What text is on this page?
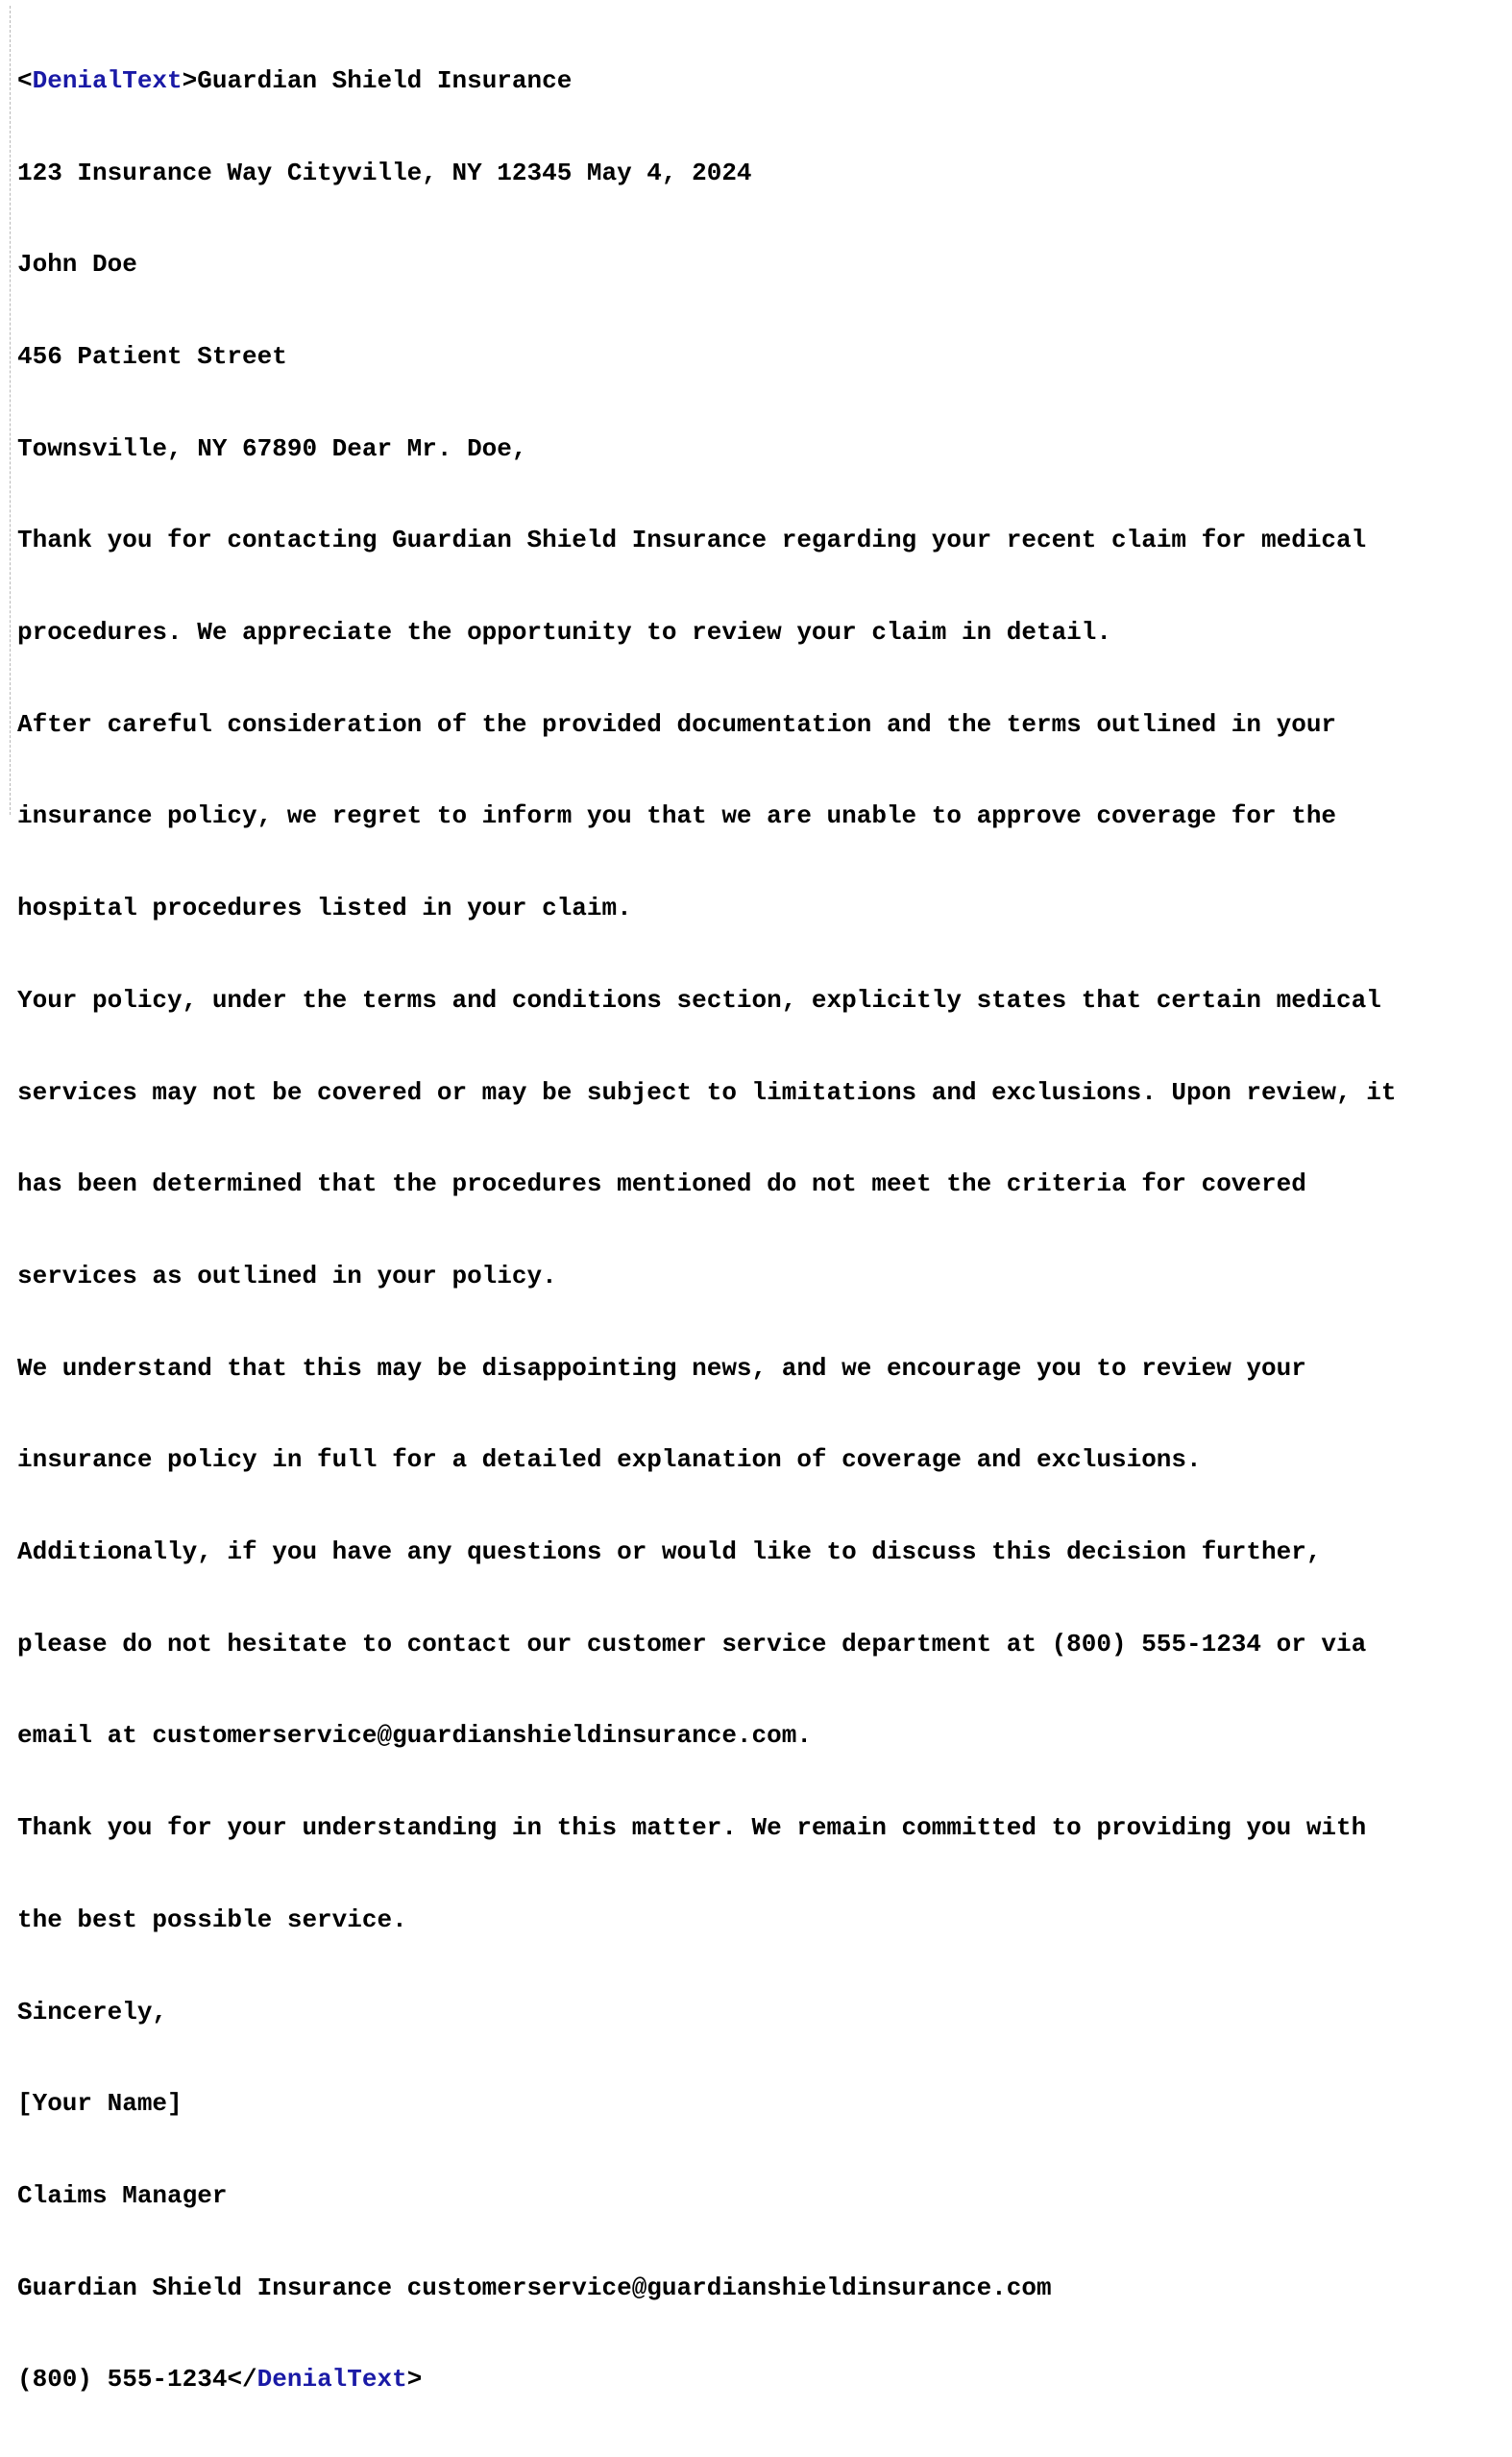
<DenialText>Guardian Shield Insurance

123 Insurance Way Cityville, NY 12345 May 4, 2024

John Doe

456 Patient Street

Townsville, NY 67890 Dear Mr. Doe,

Thank you for contacting Guardian Shield Insurance regarding your recent claim for medical

procedures. We appreciate the opportunity to review your claim in detail.

After careful consideration of the provided documentation and the terms outlined in your

insurance policy, we regret to inform you that we are unable to approve coverage for the

hospital procedures listed in your claim.

Your policy, under the terms and conditions section, explicitly states that certain medical

services may not be covered or may be subject to limitations and exclusions. Upon review, it

has been determined that the procedures mentioned do not meet the criteria for covered

services as outlined in your policy.

We understand that this may be disappointing news, and we encourage you to review your

insurance policy in full for a detailed explanation of coverage and exclusions.

Additionally, if you have any questions or would like to discuss this decision further,

please do not hesitate to contact our customer service department at (800) 555-1234 or via

email at customerservice@guardianshieldinsurance.com.

Thank you for your understanding in this matter. We remain committed to providing you with

the best possible service.

Sincerely,

[Your Name]

Claims Manager

Guardian Shield Insurance customerservice@guardianshieldinsurance.com

(800) 555-1234</DenialText>
